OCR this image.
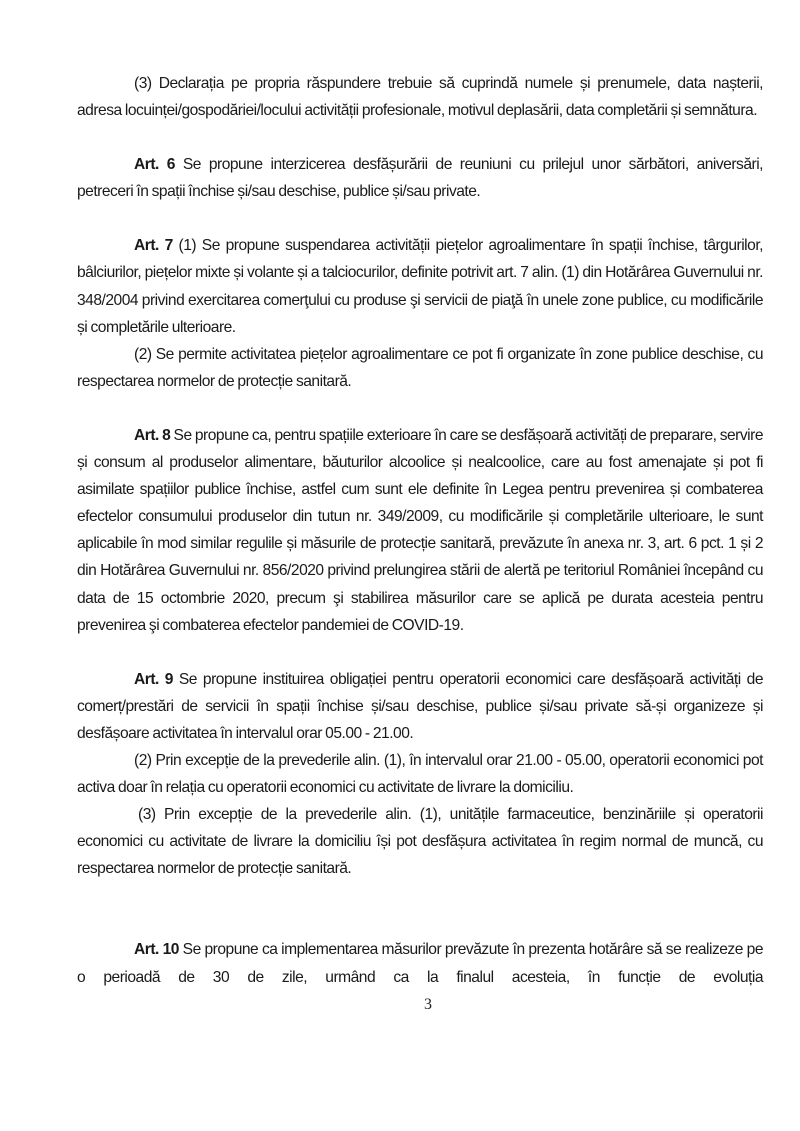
(3) Declarația pe propria răspundere trebuie să cuprindă numele și prenumele, data nașterii, adresa locuinței/gospodăriei/locului activității profesionale, motivul deplasării, data completării și semnătura.

Art. 6 Se propune interzicerea desfășurării de reuniuni cu prilejul unor sărbători, aniversări, petreceri în spații închise și/sau deschise, publice și/sau private.

Art. 7 (1) Se propune suspendarea activității piețelor agroalimentare în spații închise, târgurilor, bâlciurilor, piețelor mixte și volante și a talciocurilor, definite potrivit art. 7 alin. (1) din Hotărârea Guvernului nr. 348/2004 privind exercitarea comerţului cu produse şi servicii de piaţă în unele zone publice, cu modificările și completările ulterioare.

(2) Se permite activitatea piețelor agroalimentare ce pot fi organizate în zone publice deschise, cu respectarea normelor de protecție sanitară.

Art. 8 Se propune ca, pentru spațiile exterioare în care se desfășoară activități de preparare, servire și consum al produselor alimentare, băuturilor alcoolice și nealcoolice, care au fost amenajate și pot fi asimilate spațiilor publice închise, astfel cum sunt ele definite în Legea pentru prevenirea și combaterea efectelor consumului produselor din tutun nr. 349/2009, cu modificările și completările ulterioare, le sunt aplicabile în mod similar regulile și măsurile de protecție sanitară, prevăzute în anexa nr. 3, art. 6 pct. 1 și 2 din Hotărârea Guvernului nr. 856/2020 privind prelungirea stării de alertă pe teritoriul României începând cu data de 15 octombrie 2020, precum şi stabilirea măsurilor care se aplică pe durata acesteia pentru prevenirea şi combaterea efectelor pandemiei de COVID-19.

Art. 9 Se propune instituirea obligației pentru operatorii economici care desfășoară activități de comerț/prestări de servicii în spații închise și/sau deschise, publice și/sau private să-și organizeze și desfășoare activitatea în intervalul orar 05.00 - 21.00.

(2) Prin excepție de la prevederile alin. (1), în intervalul orar 21.00 - 05.00, operatorii economici pot activa doar în relația cu operatorii economici cu activitate de livrare la domiciliu.

(3) Prin excepție de la prevederile alin. (1), unitățile farmaceutice, benzinăriile și operatorii economici cu activitate de livrare la domiciliu își pot desfășura activitatea în regim normal de muncă, cu respectarea normelor de protecție sanitară.

Art. 10 Se propune ca implementarea măsurilor prevăzute în prezenta hotărâre să se realizeze pe o perioadă de 30 de zile, urmând ca la finalul acesteia, în funcție de evoluția

3
